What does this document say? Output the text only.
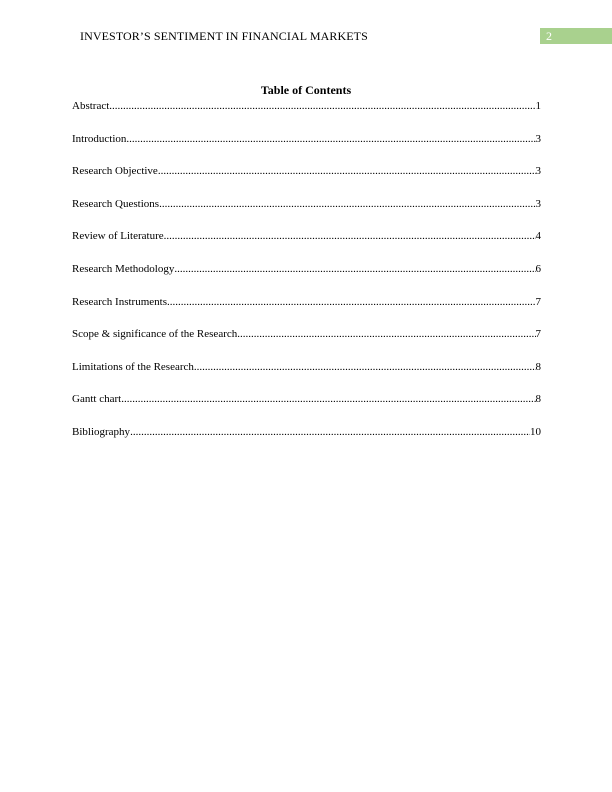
INVESTOR’S SENTIMENT IN FINANCIAL MARKETS	2
Table of Contents
Abstract .....	1
Introduction .....	3
Research Objective .....	3
Research Questions .....	3
Review of Literature .....	4
Research Methodology .....	6
Research Instruments .....	7
Scope & significance of the Research .....	7
Limitations of the Research .....	8
Gantt chart .....	8
Bibliography .....	10
